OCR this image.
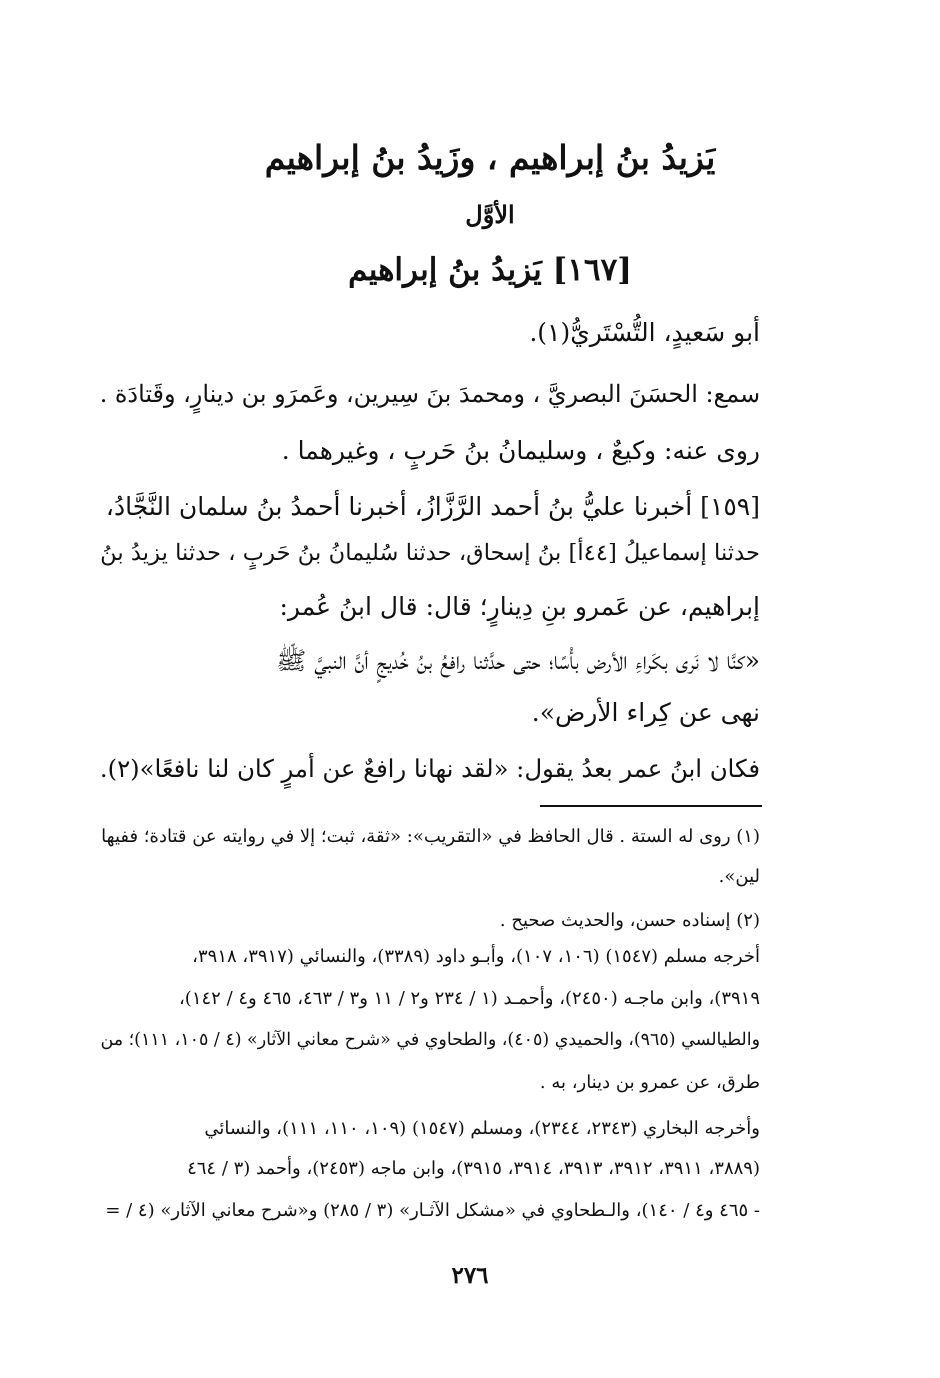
يَزيدُ بنُ إبراهيم ، وزَيدُ بنُ إبراهيم
الأوَّل
[١٦٧] يَزيدُ بنُ إبراهيم
أبو سَعيدٍ، التُّسْتَريُّ(١).
سمع: الحسَنَ البصريَّ ، ومحمدَ بنَ سِيرين، وعَمرَو بن دينارٍ، وقَتادَة .
روى عنه: وكيعٌ ، وسليمانُ بنُ حَربٍ ، وغيرهما .
[١٥٩] أخبرنا عليُّ بنُ أحمد الرَّزَّازُ، أخبرنا أحمدُ بنُ سلمان النَّجَّادُ،
حدثنا إسماعيلُ [٤٤أ] بنُ إسحاق، حدثنا سُليمانُ بنُ حَربٍ ، حدثنا يزيدُ بنُ
إبراهيم، عن عَمرو بنِ دِينارٍ؛ قال: قال ابنُ عُمر:
«كنَّا لا نَرى بكَراءِ الأرض بأْسًا؛ حتى حدَّثنا رافعُ بنُ خُديجٍ أنَّ النبيَّ ﷺ
نهى عن كِراء الأرض».
فكان ابنُ عمر بعدُ يقول: «لقد نهانا رافعٌ عن أمرٍ كان لنا نافعًا»(٢).
(١) روى له الستة . قال الحافظ في «التقريب»: «ثقة، ثبت؛ إلا في روايته عن قتادة؛ ففيها
لين».
(٢) إسناده حسن، والحديث صحيح .
أخرجه مسلم (١٥٤٧) (١٠٦، ١٠٧)، وأبـو داود (٣٣٨٩)، والنسائي (٣٩١٧، ٣٩١٨،
٣٩١٩)، وابن ماجـه (٢٤٥٠)، وأحمـد (١ / ٢٣٤ و٢ / ١١ و٣ / ٤٦٣، ٤٦٥ و٤ / ١٤٢)،
والطيالسي (٩٦٥)، والحميدي (٤٠٥)، والطحاوي في «شرح معاني الآثار» (٤ / ١٠٥، ١١١)؛ من
طرق، عن عمرو بن دينار، به .
وأخرجه البخاري (٢٣٤٣، ٢٣٤٤)، ومسلم (١٥٤٧) (١٠٩، ١١٠، ١١١)، والنسائي
(٣٨٨٩، ٣٩١١، ٣٩١٢، ٣٩١٣، ٣٩١٤، ٣٩١٥)، وابن ماجه (٢٤٥٣)، وأحمد (٣ / ٤٦٤
- ٤٦٥ و٤ / ١٤٠)، والـطحاوي في «مشكل الآثـار» (٣ / ٢٨٥) و«شرح معاني الآثار» (٤ / =
٢٧٦
